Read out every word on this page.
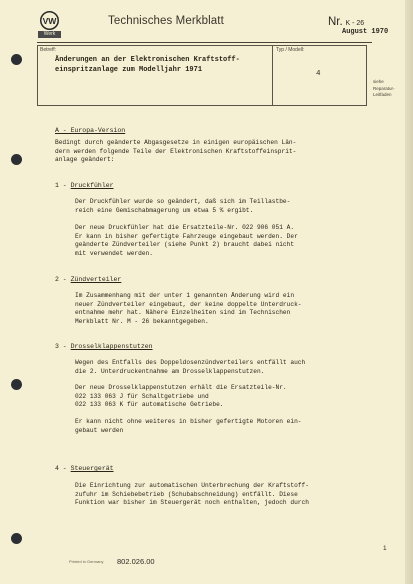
VW
Werk
Technisches Merkblatt	Nr. K - 26
August 1970
Betreff:	Typ / Modell:
Änderungen an der Elektronischen Kraftstoff-
einspritzanlage zum Modelljahr 1971	4
siehe
Reparatur-
Leitfaden
A - Europa-Version
Bedingt durch geänderte Abgasgesetze in einigen europäischen Län-
dern werden folgende Teile der Elektronischen Kraftstoffeinsprit-
anlage geändert:
1 - Druckfühler
Der Druckfühler wurde so geändert, daß sich im Teillastbe-
reich eine Gemischabmagerung um etwa 5 % ergibt.
Der neue Druckfühler hat die Ersatzteile-Nr. 022 906 051 A.
Er kann in bisher gefertigte Fahrzeuge eingebaut werden. Der
geänderte Zündverteiler (siehe Punkt 2) braucht dabei nicht
mit verwendet werden.
2 - Zündverteiler
Im Zusammenhang mit der unter 1 genannten Änderung wird ein
neuer Zündverteiler eingebaut, der keine doppelte Unterdruck-
entnahme mehr hat. Nähere Einzelheiten sind im Technischen
Merkblatt Nr. M - 26 bekanntgegeben.
3 - Drosselklappenstutzen
Wegen des Entfalls des Doppeldosenzündverteilers entfällt auch
die 2. Unterdruckentnahme am Drosselklappenstutzen.
Der neue Drosselklappenstutzen erhält die Ersatzteile-Nr.
022 133 063 J für Schaltgetriebe und
022 133 063 K für automatische Getriebe.
Er kann nicht ohne weiteres in bisher gefertigte Motoren ein-
gebaut werden
4 - Steuergerät
Die Einrichtung zur automatischen Unterbrechung der Kraftstoff-
zufuhr im Schiebebetrieb (Schubabschneidung) entfällt. Diese
Funktion war bisher im Steuergerät noch enthalten, jedoch durch
1
Printed in Germany 802.026.00
